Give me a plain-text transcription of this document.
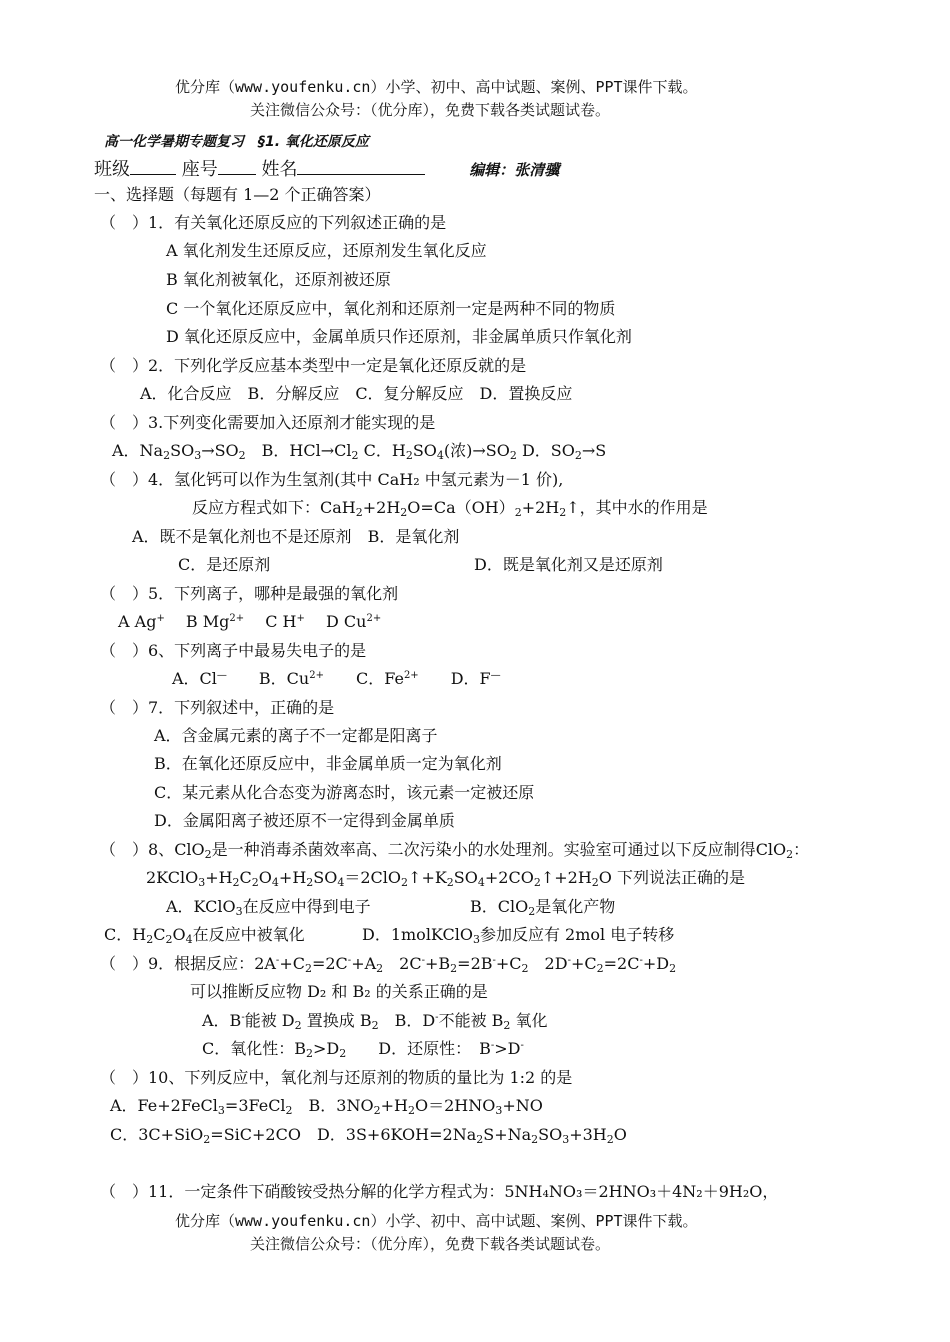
优分库（www.youfenku.cn）小学、初中、高中试题、案例、PPT课件下载。
关注微信公众号：（优分库），免费下载各类试题试卷。
高一化学暑期专题复习　§1. 氧化还原反应
班级	座号 姓名	编辑：张清骥
一、选择题（每题有 1—2 个正确答案）
（　）1．有关氧化还原反应的下列叙述正确的是
A 氧化剂发生还原反应，还原剂发生氧化反应
B 氧化剂被氧化，还原剂被还原
C 一个氧化还原反应中，氧化剂和还原剂一定是两种不同的物质
D 氧化还原反应中，金属单质只作还原剂，非金属单质只作氧化剂
（　）2．下列化学反应基本类型中一定是氧化还原反就的是
A．化合反应　B．分解反应　C．复分解反应　D．置换反应
（　）3.下列变化需要加入还原剂才能实现的是
A．$Na_2SO_3\to SO_2$　B．$HCl\to Cl_2$ C．$H_2SO_4$(浓)$\to SO_2$ D．$SO_2\to S$
（　）4．氢化钙可以作为生氢剂(其中 CaH₂ 中氢元素为－1 价),
反应方程式如下：$CaH_2+2H_2O=Ca(OH)_2+2H_2↑$，其中水的作用是
A．既不是氧化剂也不是还原剂　 B．是氧化剂
C．是还原剂	D．既是氧化剂又是还原剂
（　）5．下列离子，哪种是最强的氧化剂
A Ag+　 B $Mg^{2+}$　 C H+　 D $Cu^{2+}$
（　）6、下列离子中最易失电子的是
A．Cl—　　B．$Cu^{2+}$　　C．$Fe^{2+}$　　D．F—
（　）7．下列叙述中，正确的是
A．含金属元素的离子不一定都是阳离子
B．在氧化还原反应中，非金属单质一定为氧化剂
C．某元素从化合态变为游离态时，该元素一定被还原
D．金属阳离子被还原不一定得到金属单质
（　）8、ClO$_2$是一种消毒杀菌效率高、二次污染小的水处理剂。实验室可通过以下反应制得ClO$_2$：
$2KClO_3+H_2C_2O_4+H_2SO_4=2ClO_2↑+K_2SO_4+2CO_2↑+2H_2O$ 下列说法正确的是
A．KClO$_3$在反应中得到电子	B．ClO$_2$是氧化产物
C．$H_2C_2O_4$在反应中被氧化	D．1molKClO$_3$参加反应有 2mol 电子转移
（　）9．根据反应：$2A^-+C_2=2C^-+A_2$　$2C^-+B_2=2B^-+C_2$　$2D^-+C_2=2C^-+D_2$
可以推断反应物 D₂ 和 B₂ 的关系正确的是
A．B-能被 $D_2$ 置换成 $B_2$　B．D-不能被 $B_2$ 氧化
C．氧化性：$B_2>D_2$　　D．还原性：　B->D-
（　）10、下列反应中，氧化剂与还原剂的物质的量比为 1:2 的是
A．Fe+2FeCl$_3$=3FeCl$_2$　B．$3NO_2+H_2O=2HNO_3+NO$
C．3C+SiO$_2$=SiC+2CO　D．$3S+6KOH=2Na_2S+Na_2SO_3+3H_2O$
（　）11．一定条件下硝酸铵受热分解的化学方程式为：5NH₄NO₃＝2HNO₃＋4N₂＋9H₂O，
优分库（www.youfenku.cn）小学、初中、高中试题、案例、PPT课件下载。
关注微信公众号：（优分库），免费下载各类试题试卷。
